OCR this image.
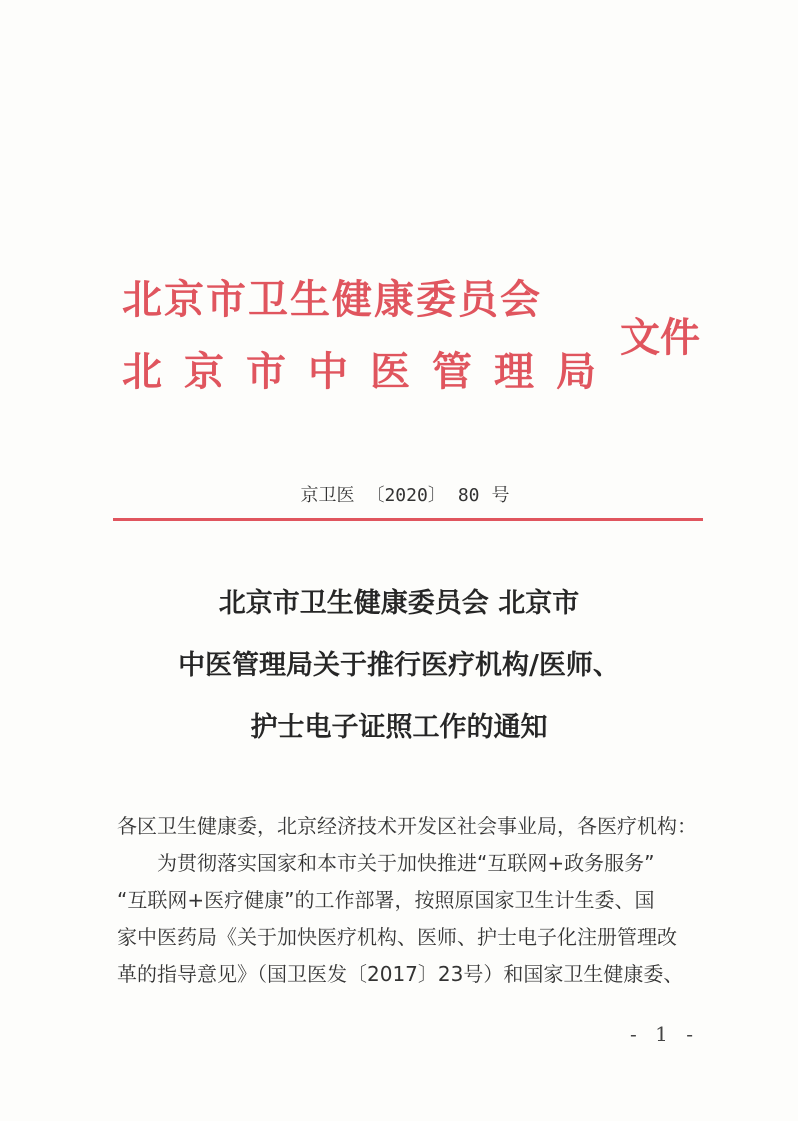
北京市卫生健康委员会
北京市中医管理局
文件
京卫医 〔2020〕 80 号
北京市卫生健康委员会 北京市
中医管理局关于推行医疗机构/医师、
护士电子证照工作的通知

各区卫生健康委，北京经济技术开发区社会事业局，各医疗机构：

为贯彻落实国家和本市关于加快推进“互联网+政务服务”

“互联网+医疗健康”的工作部署，按照原国家卫生计生委、国

家中医药局《关于加快医疗机构、医师、护士电子化注册管理改

革的指导意见》（国卫医发〔2017〕23号）和国家卫生健康委、

- 1 -
